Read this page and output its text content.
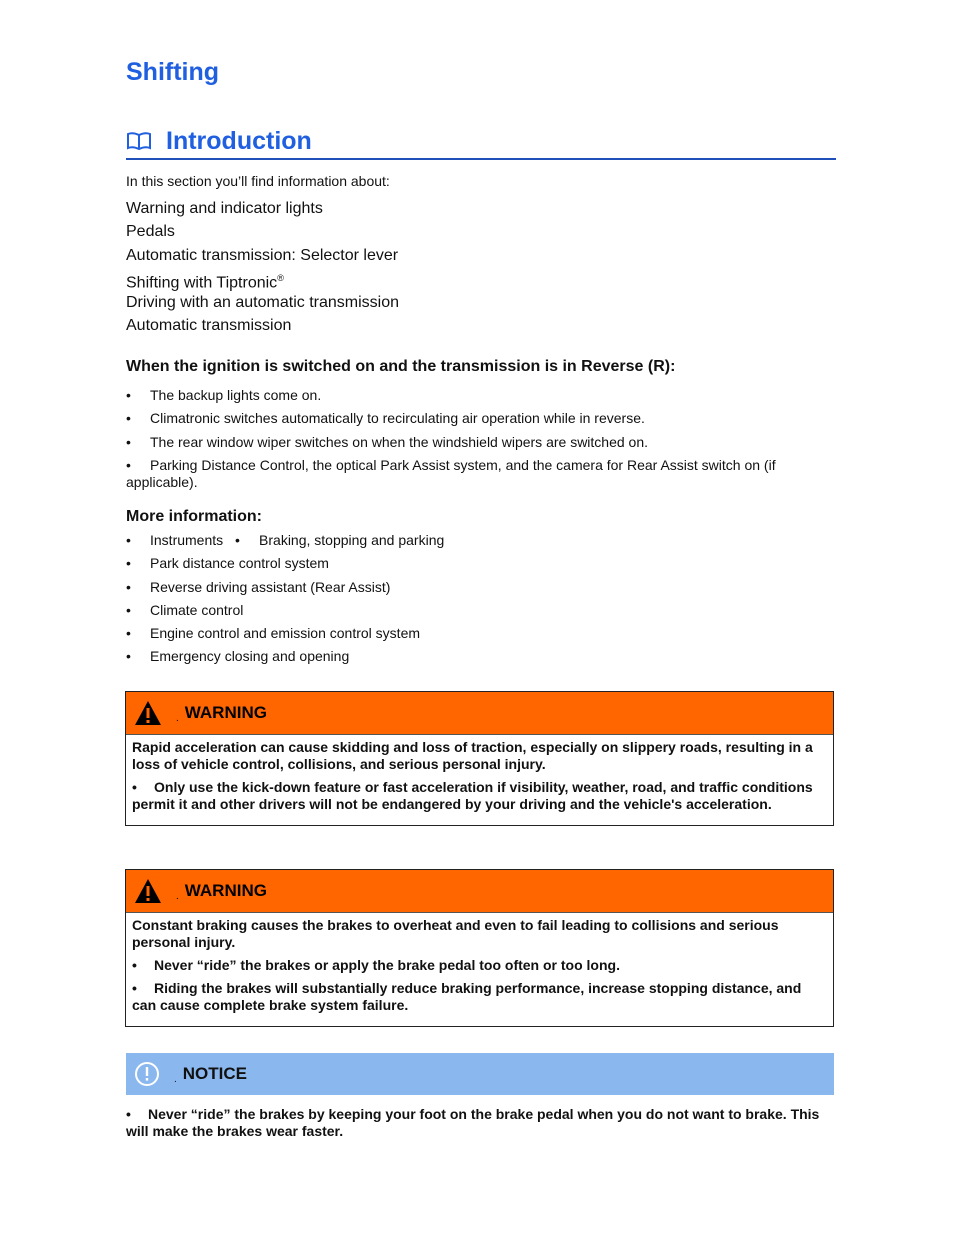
Shifting
Introduction

In this section you’ll find information about:

Warning and indicator lights
Pedals
Automatic transmission: Selector lever
Shifting with Tiptronic®
Driving with an automatic transmission
Automatic transmission
When the ignition is switched on and the transmission is in Reverse (R):
• The backup lights come on.
• Climatronic switches automatically to recirculating air operation while in reverse.
• The rear window wiper switches on when the windshield wipers are switched on.
• Parking Distance Control, the optical Park Assist system, and the camera for Rear Assist switch on (if applicable).
More information:
• Instruments • Braking, stopping and parking
• Park distance control system
• Reverse driving assistant (Rear Assist)
• Climate control
• Engine control and emission control system
• Emergency closing and opening
. WARNING

Rapid acceleration can cause skidding and loss of traction, especially on slippery roads, resulting in a loss of vehicle control, collisions, and serious personal injury.

• Only use the kick-down feature or fast acceleration if visibility, weather, road, and traffic conditions permit it and other drivers will not be endangered by your driving and the vehicle's acceleration.

. WARNING

Constant braking causes the brakes to overheat and even to fail leading to collisions and serious personal injury.

• Never “ride” the brakes or apply the brake pedal too often or too long.

• Riding the brakes will substantially reduce braking performance, increase stopping distance, and can cause complete brake system failure.

. NOTICE

• Never “ride” the brakes by keeping your foot on the brake pedal when you do not want to brake. This will make the brakes wear faster.
